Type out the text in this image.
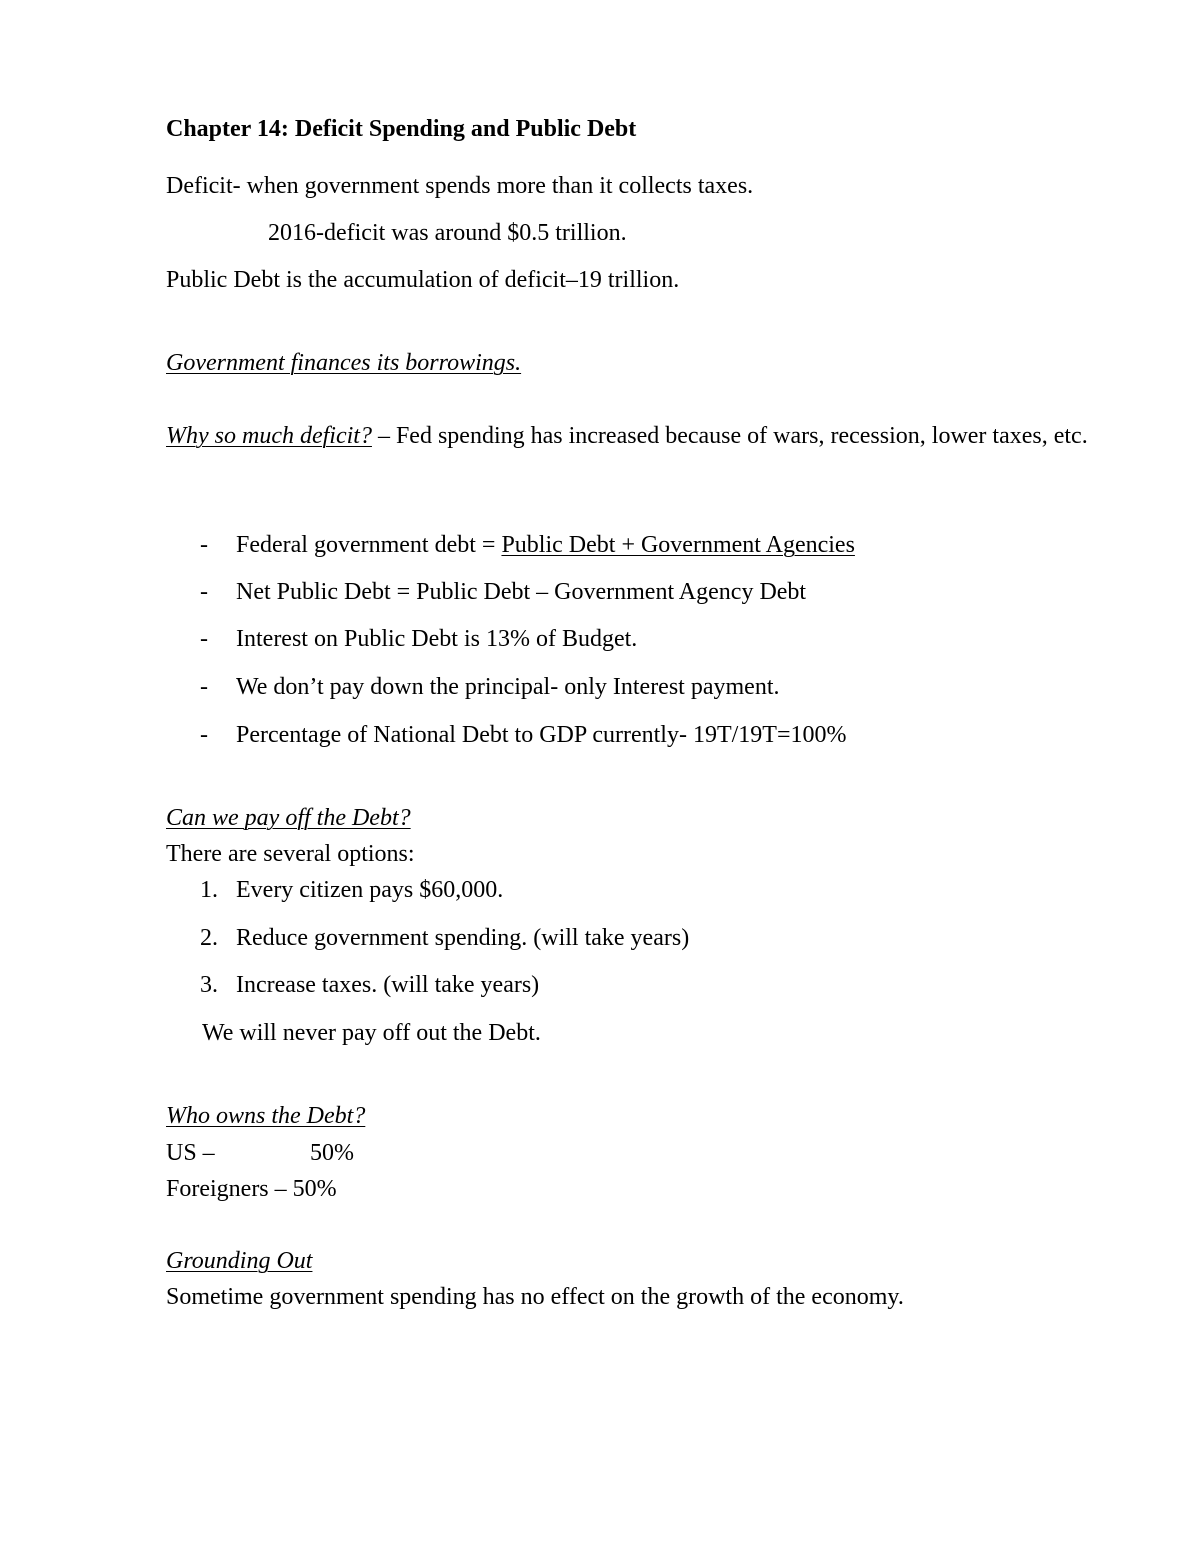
Chapter 14: Deficit Spending and Public Debt
Deficit- when government spends more than it collects taxes.
2016-deficit was around $0.5 trillion.
Public Debt is the accumulation of deficit–19 trillion.
Government finances its borrowings.
Why so much deficit? – Fed spending has increased because of wars, recession, lower taxes, etc.
- Federal government debt = Public Debt + Government Agencies
- Net Public Debt = Public Debt – Government Agency Debt
- Interest on Public Debt is 13% of Budget.
- We don’t pay down the principal- only Interest payment.
- Percentage of National Debt to GDP currently- 19T/19T=100%
Can we pay off the Debt?
There are several options:
1. Every citizen pays $60,000.
2. Reduce government spending. (will take years)
3. Increase taxes. (will take years)
We will never pay off out the Debt.
Who owns the Debt?
US –	50%
Foreigners – 50%
Grounding Out
Sometime government spending has no effect on the growth of the economy.
